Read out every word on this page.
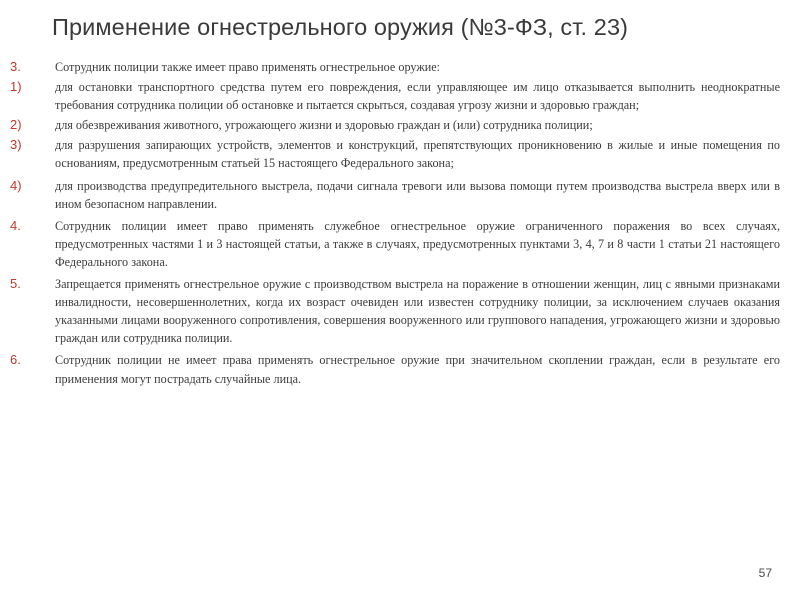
Применение огнестрельного оружия (№3-ФЗ, ст. 23)
3.	Сотрудник полиции также имеет право применять огнестрельное оружие:
1)	для остановки транспортного средства путем его повреждения, если управляющее им лицо отказывается выполнить неоднократные требования сотрудника полиции об остановке и пытается скрыться, создавая угрозу жизни и здоровью граждан;
2)	для обезвреживания животного, угрожающего жизни и здоровью граждан и (или) сотрудника полиции;
3)	для разрушения запирающих устройств, элементов и конструкций, препятствующих проникновению в жилые и иные помещения по основаниям, предусмотренным статьей 15 настоящего Федерального закона;
4)	для производства предупредительного выстрела, подачи сигнала тревоги или вызова помощи путем производства выстрела вверх или в ином безопасном направлении.
4.	Сотрудник полиции имеет право применять служебное огнестрельное оружие ограниченного поражения во всех случаях, предусмотренных частями 1 и 3 настоящей статьи, а также в случаях, предусмотренных пунктами 3, 4, 7 и 8 части 1 статьи 21 настоящего Федерального закона.
5.	Запрещается применять огнестрельное оружие с производством выстрела на поражение в отношении женщин, лиц с явными признаками инвалидности, несовершеннолетних, когда их возраст очевиден или известен сотруднику полиции, за исключением случаев оказания указанными лицами вооруженного сопротивления, совершения вооруженного или группового нападения, угрожающего жизни и здоровью граждан или сотрудника полиции.
6.	Сотрудник полиции не имеет права применять огнестрельное оружие при значительном скоплении граждан, если в результате его применения могут пострадать случайные лица.
57
